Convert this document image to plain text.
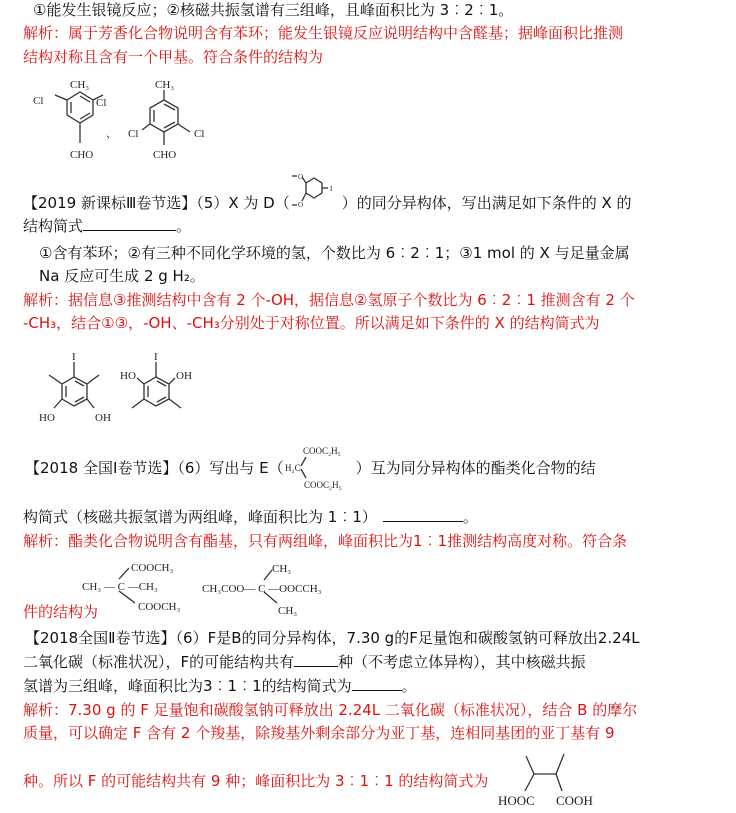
①能发生银镜反应；②核磁共振氢谱有三组峰，且峰面积比为 3︰2︰1。
解析：属于芳香化合物说明含有苯环；能发生银镜反应说明结构中含醛基；据峰面积比推测
结构对称且含有一个甲基。符合条件的结构为
CH₃
Cl	Cl
CHO
、
CH₃
Cl	Cl
CHO
I
HO	OH
I
HO	OH
CH₃ — C —CH₃
COOCH₃
COOCH₃
CH₃COO— C —OOCCH₃
CH₃
CH₃
【2019 新课标Ⅲ卷节选】（5）X 为 D（
O
O
I
）的同分异构体，写出满足如下条件的 X 的
结构简式	。
①含有苯环；②有三种不同化学环境的氢，个数比为 6︰2︰1；③1 mol 的 X 与足量金属
Na 反应可生成 2 g H₂。
解析：据信息③推测结构中含有 2 个-OH，据信息②氢原子个数比为 6︰2︰1 推测含有 2 个
-CH₃，结合①③，-OH、-CH₃分别处于对称位置。所以满足如下条件的 X 的结构简式为
【2018 全国Ⅰ卷节选】（6）写出与 E（ H₂C
COOC₂H₅
COOC₂H₅
）互为同分异构体的酯类化合物的结
构简式（核磁共振氢谱为两组峰，峰面积比为 1︰1）	。
解析：酯类化合物说明含有酯基，只有两组峰，峰面积比为1︰1推测结构高度对称。符合条
件的结构为
【2018全国Ⅱ卷节选】（6）F是B的同分异构体，7.30 g的F足量饱和碳酸氢钠可释放出2.24L
二氧化碳（标准状况），F的可能结构共有	种（不考虑立体异构），其中核磁共振
氢谱为三组峰，峰面积比为3︰1︰1的结构简式为	。
解析：7.30 g 的 F 足量饱和碳酸氢钠可释放出 2.24L 二氧化碳（标准状况），结合 B 的摩尔
质量，可以确定 F 含有 2 个羧基，除羧基外剩余部分为亚丁基，连相同基团的亚丁基有 9
种。所以 F 的可能结构共有 9 种；峰面积比为 3︰1︰1 的结构简式为
HOOC COOH
